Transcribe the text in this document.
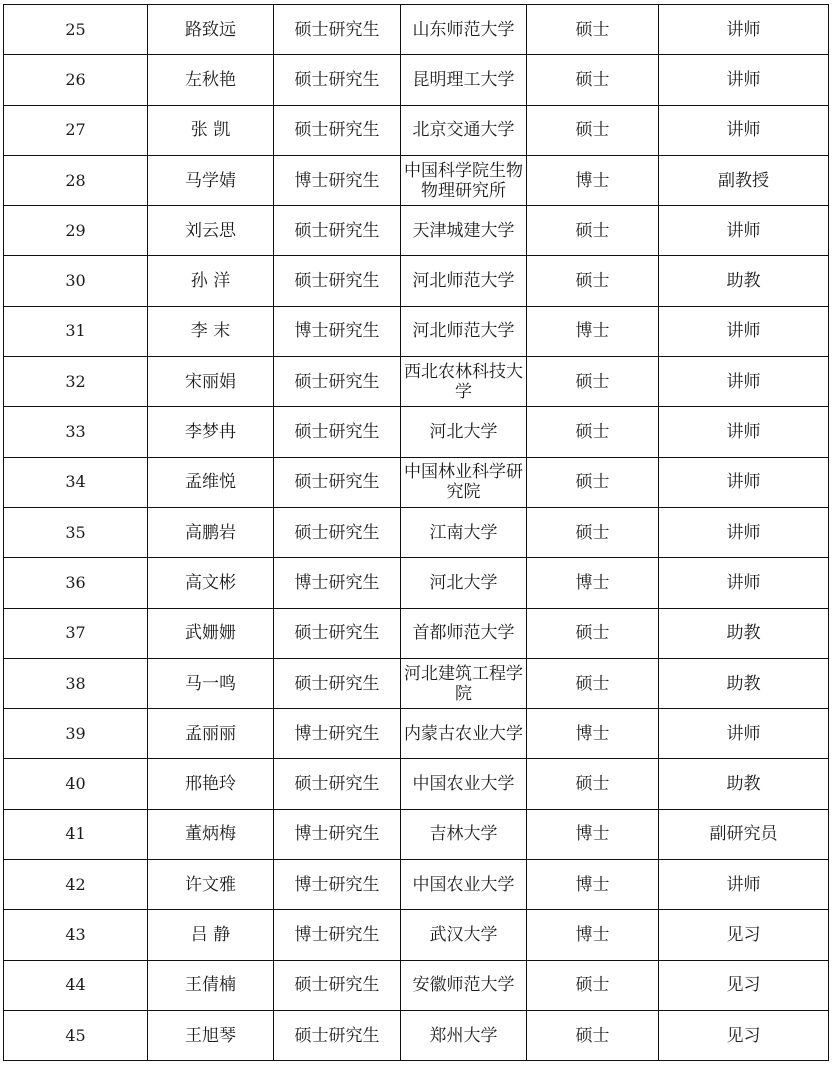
25	路致远	硕士研究生	山东师范大学	硕士	讲师
26	左秋艳	硕士研究生	昆明理工大学	硕士	讲师
27	张 凯	硕士研究生	北京交通大学	硕士	讲师
28	马学婧	博士研究生	中国科学院生物物理研究所	博士	副教授
29	刘云思	硕士研究生	天津城建大学	硕士	讲师
30	孙 洋	硕士研究生	河北师范大学	硕士	助教
31	李 末	博士研究生	河北师范大学	博士	讲师
32	宋丽娟	硕士研究生	西北农林科技大学	硕士	讲师
33	李梦冉	硕士研究生	河北大学	硕士	讲师
34	孟维悦	硕士研究生	中国林业科学研究院	硕士	讲师
35	高鹏岩	硕士研究生	江南大学	硕士	讲师
36	高文彬	博士研究生	河北大学	博士	讲师
37	武姗姗	硕士研究生	首都师范大学	硕士	助教
38	马一鸣	硕士研究生	河北建筑工程学院	硕士	助教
39	孟丽丽	博士研究生	内蒙古农业大学	博士	讲师
40	邢艳玲	硕士研究生	中国农业大学	硕士	助教
41	董炳梅	博士研究生	吉林大学	博士	副研究员
42	许文雅	博士研究生	中国农业大学	博士	讲师
43	吕 静	博士研究生	武汉大学	博士	见习
44	王倩楠	硕士研究生	安徽师范大学	硕士	见习
45	王旭琴	硕士研究生	郑州大学	硕士	见习
